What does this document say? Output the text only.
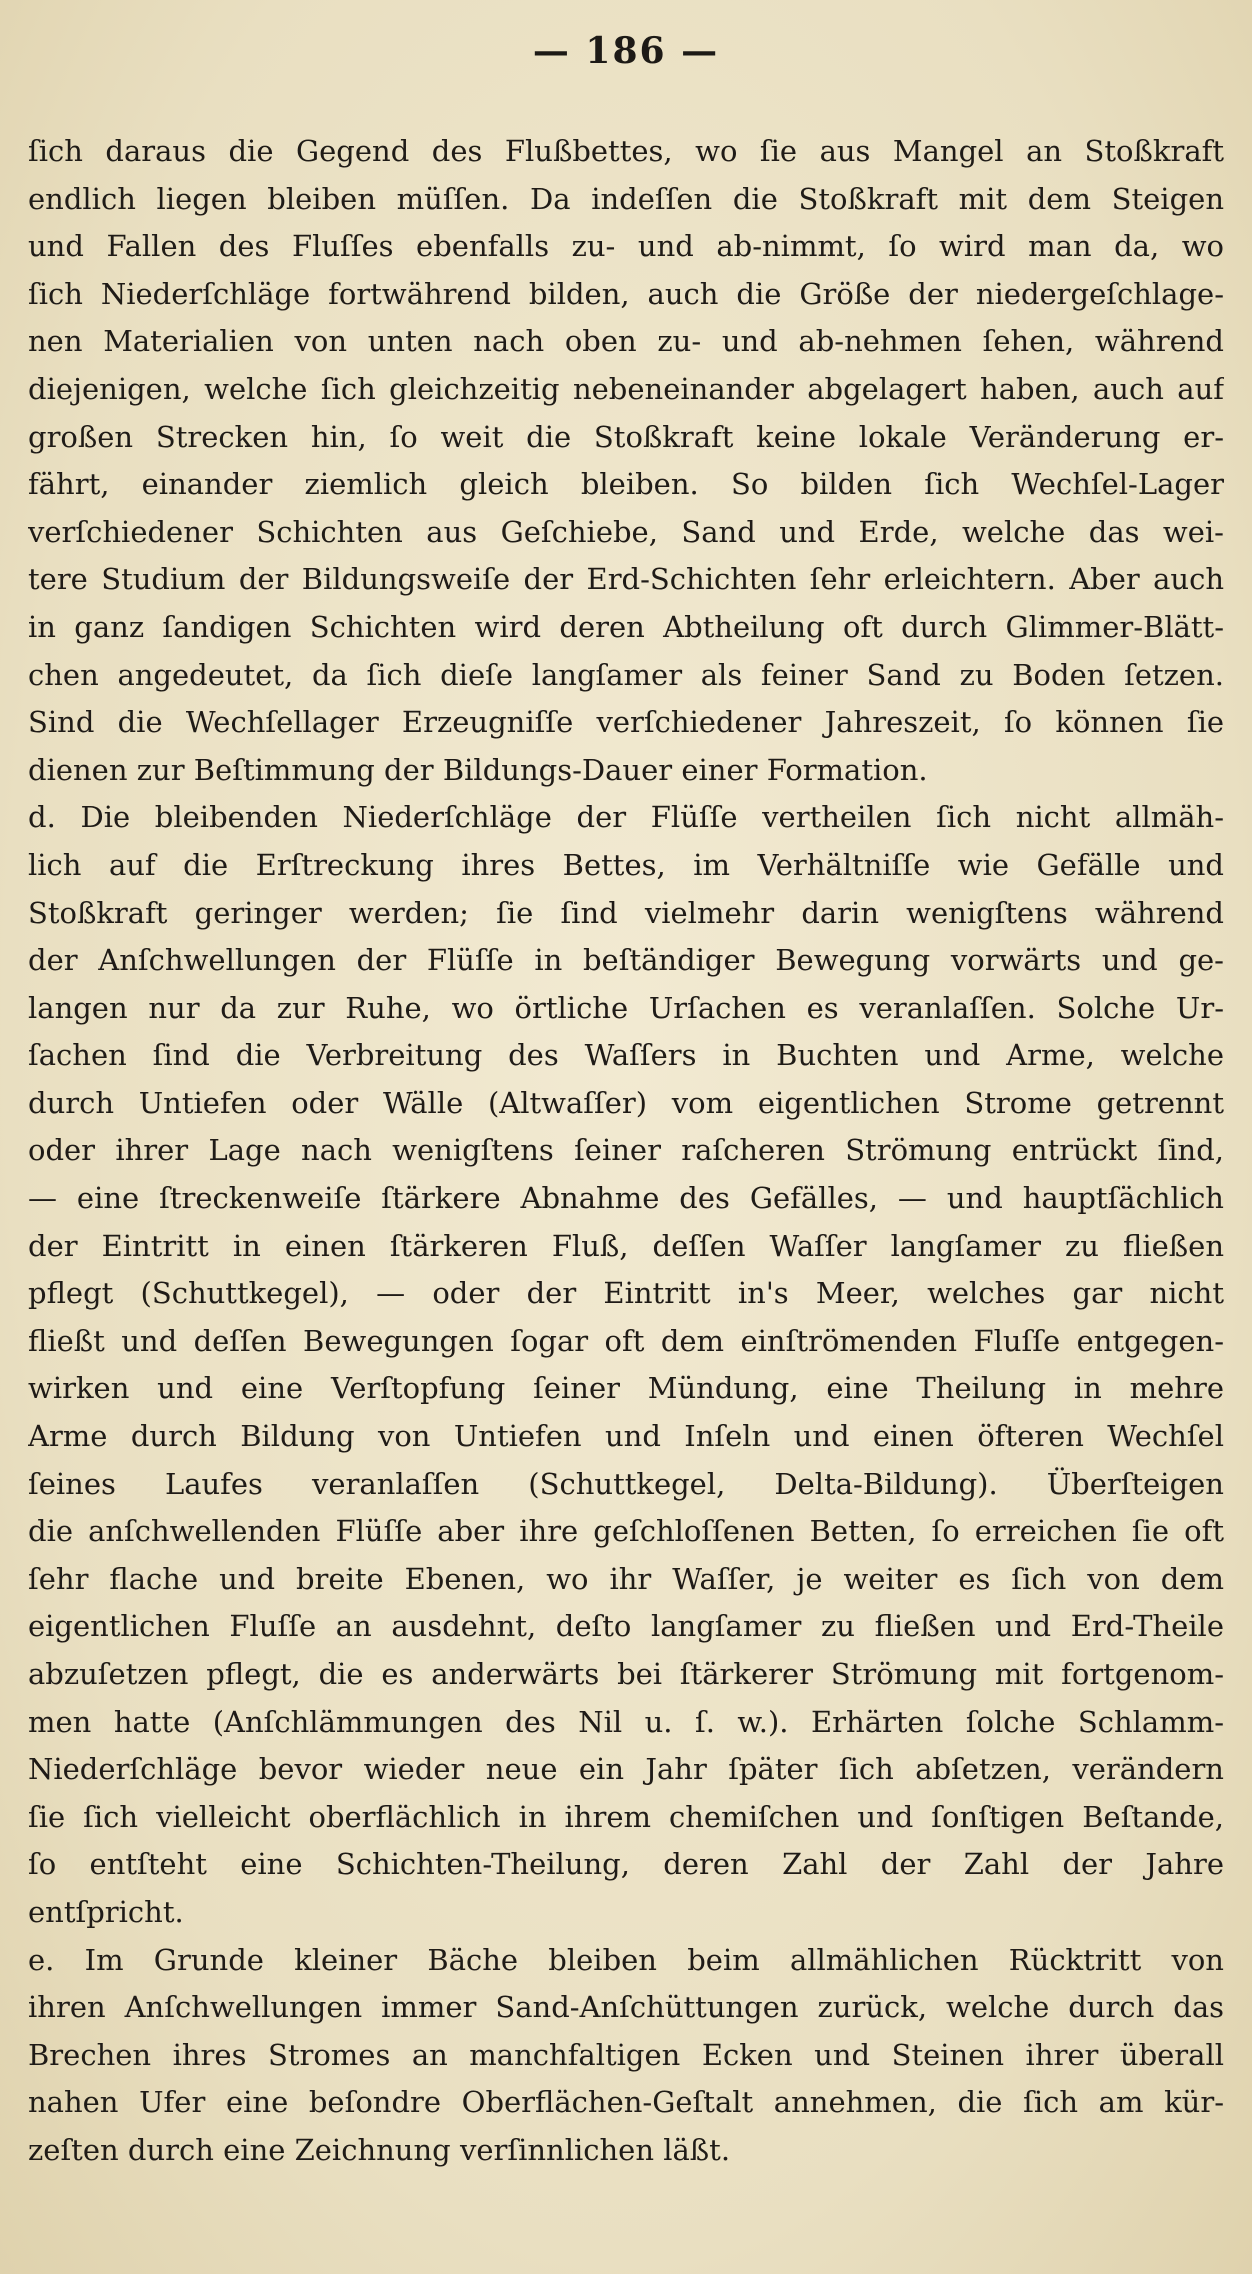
— 186 —
ſich daraus die Gegend des Flußbettes, wo ſie aus Mangel an Stoßkraft
endlich liegen bleiben müſſen. Da indeſſen die Stoßkraft mit dem Steigen
und Fallen des Fluſſes ebenfalls zu- und ab-nimmt, ſo wird man da, wo
ſich Niederſchläge fortwährend bilden, auch die Größe der niedergeſchlage-
nen Materialien von unten nach oben zu- und ab-nehmen ſehen, während
diejenigen, welche ſich gleichzeitig nebeneinander abgelagert haben, auch auf
großen Strecken hin, ſo weit die Stoßkraft keine lokale Veränderung er-
fährt, einander ziemlich gleich bleiben. So bilden ſich Wechſel-Lager
verſchiedener Schichten aus Geſchiebe, Sand und Erde, welche das wei-
tere Studium der Bildungsweiſe der Erd-Schichten ſehr erleichtern. Aber auch
in ganz ſandigen Schichten wird deren Abtheilung oft durch Glimmer-Blätt-
chen angedeutet, da ſich dieſe langſamer als feiner Sand zu Boden ſetzen.
Sind die Wechſellager Erzeugniſſe verſchiedener Jahreszeit, ſo können ſie
dienen zur Beſtimmung der Bildungs-Dauer einer Formation.
d. Die bleibenden Niederſchläge der Flüſſe vertheilen ſich nicht allmäh-
lich auf die Erſtreckung ihres Bettes, im Verhältniſſe wie Gefälle und
Stoßkraft geringer werden; ſie ſind vielmehr darin wenigſtens während
der Anſchwellungen der Flüſſe in beſtändiger Bewegung vorwärts und ge-
langen nur da zur Ruhe, wo örtliche Urſachen es veranlaſſen. Solche Ur-
ſachen ſind die Verbreitung des Waſſers in Buchten und Arme, welche
durch Untiefen oder Wälle (Altwaſſer) vom eigentlichen Strome getrennt
oder ihrer Lage nach wenigſtens ſeiner raſcheren Strömung entrückt ſind,
— eine ſtreckenweiſe ſtärkere Abnahme des Gefälles, — und hauptſächlich
der Eintritt in einen ſtärkeren Fluß, deſſen Waſſer langſamer zu fließen
pflegt (Schuttkegel), — oder der Eintritt in's Meer, welches gar nicht
fließt und deſſen Bewegungen ſogar oft dem einſtrömenden Fluſſe entgegen-
wirken und eine Verſtopfung ſeiner Mündung, eine Theilung in mehre
Arme durch Bildung von Untiefen und Inſeln und einen öfteren Wechſel
ſeines Laufes veranlaſſen (Schuttkegel, Delta-Bildung). Überſteigen
die anſchwellenden Flüſſe aber ihre geſchloſſenen Betten, ſo erreichen ſie oft
ſehr flache und breite Ebenen, wo ihr Waſſer, je weiter es ſich von dem
eigentlichen Fluſſe an ausdehnt, deſto langſamer zu fließen und Erd-Theile
abzuſetzen pflegt, die es anderwärts bei ſtärkerer Strömung mit fortgenom-
men hatte (Anſchlämmungen des Nil u. ſ. w.). Erhärten ſolche Schlamm-
Niederſchläge bevor wieder neue ein Jahr ſpäter ſich abſetzen, verändern
ſie ſich vielleicht oberflächlich in ihrem chemiſchen und ſonſtigen Beſtande,
ſo entſteht eine Schichten-Theilung, deren Zahl der Zahl der Jahre
entſpricht.
e. Im Grunde kleiner Bäche bleiben beim allmählichen Rücktritt von
ihren Anſchwellungen immer Sand-Anſchüttungen zurück, welche durch das
Brechen ihres Stromes an manchfaltigen Ecken und Steinen ihrer überall
nahen Ufer eine beſondre Oberflächen-Geſtalt annehmen, die ſich am kür-
zeſten durch eine Zeichnung verſinnlichen läßt.
